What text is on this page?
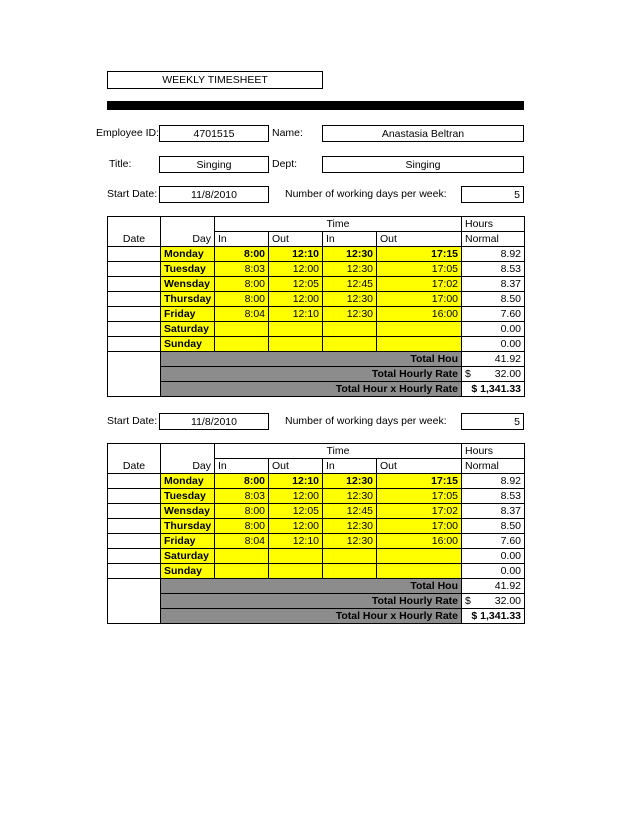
WEEKLY TIMESHEET
Employee ID:	4701515	Name:	Anastasia Beltran
Title:	Singing	Dept:	Singing
Start Date:	11/8/2010	Number of working days per week:	5
		Time				Hours
Date	Day	In	Out	In	Out	Normal
	Monday	8:00	12:10	12:30	17:15	8.92
	Tuesday	8:03	12:00	12:30	17:05	8.53
	Wensday	8:00	12:05	12:45	17:02	8.37
	Thursday	8:00	12:00	12:30	17:00	8.50
	Friday	8:04	12:10	12:30	16:00	7.60
	Saturday					0.00
	Sunday					0.00
	Total Hou					41.92
	Total Hourly Rate					$ 32.00

	Total Hour x Hourly Rate					$ 1,341.33
Start Date:	11/8/2010	Number of working days per week:	5
		Time				Hours
Date	Day	In	Out	In	Out	Normal
	Monday	8:00	12:10	12:30	17:15	8.92
	Tuesday	8:03	12:00	12:30	17:05	8.53
	Wensday	8:00	12:05	12:45	17:02	8.37
	Thursday	8:00	12:00	12:30	17:00	8.50
	Friday	8:04	12:10	12:30	16:00	7.60
	Saturday					0.00
	Sunday					0.00
	Total Hou					41.92
	Total Hourly Rate					$ 32.00

	Total Hour x Hourly Rate					$ 1,341.33
